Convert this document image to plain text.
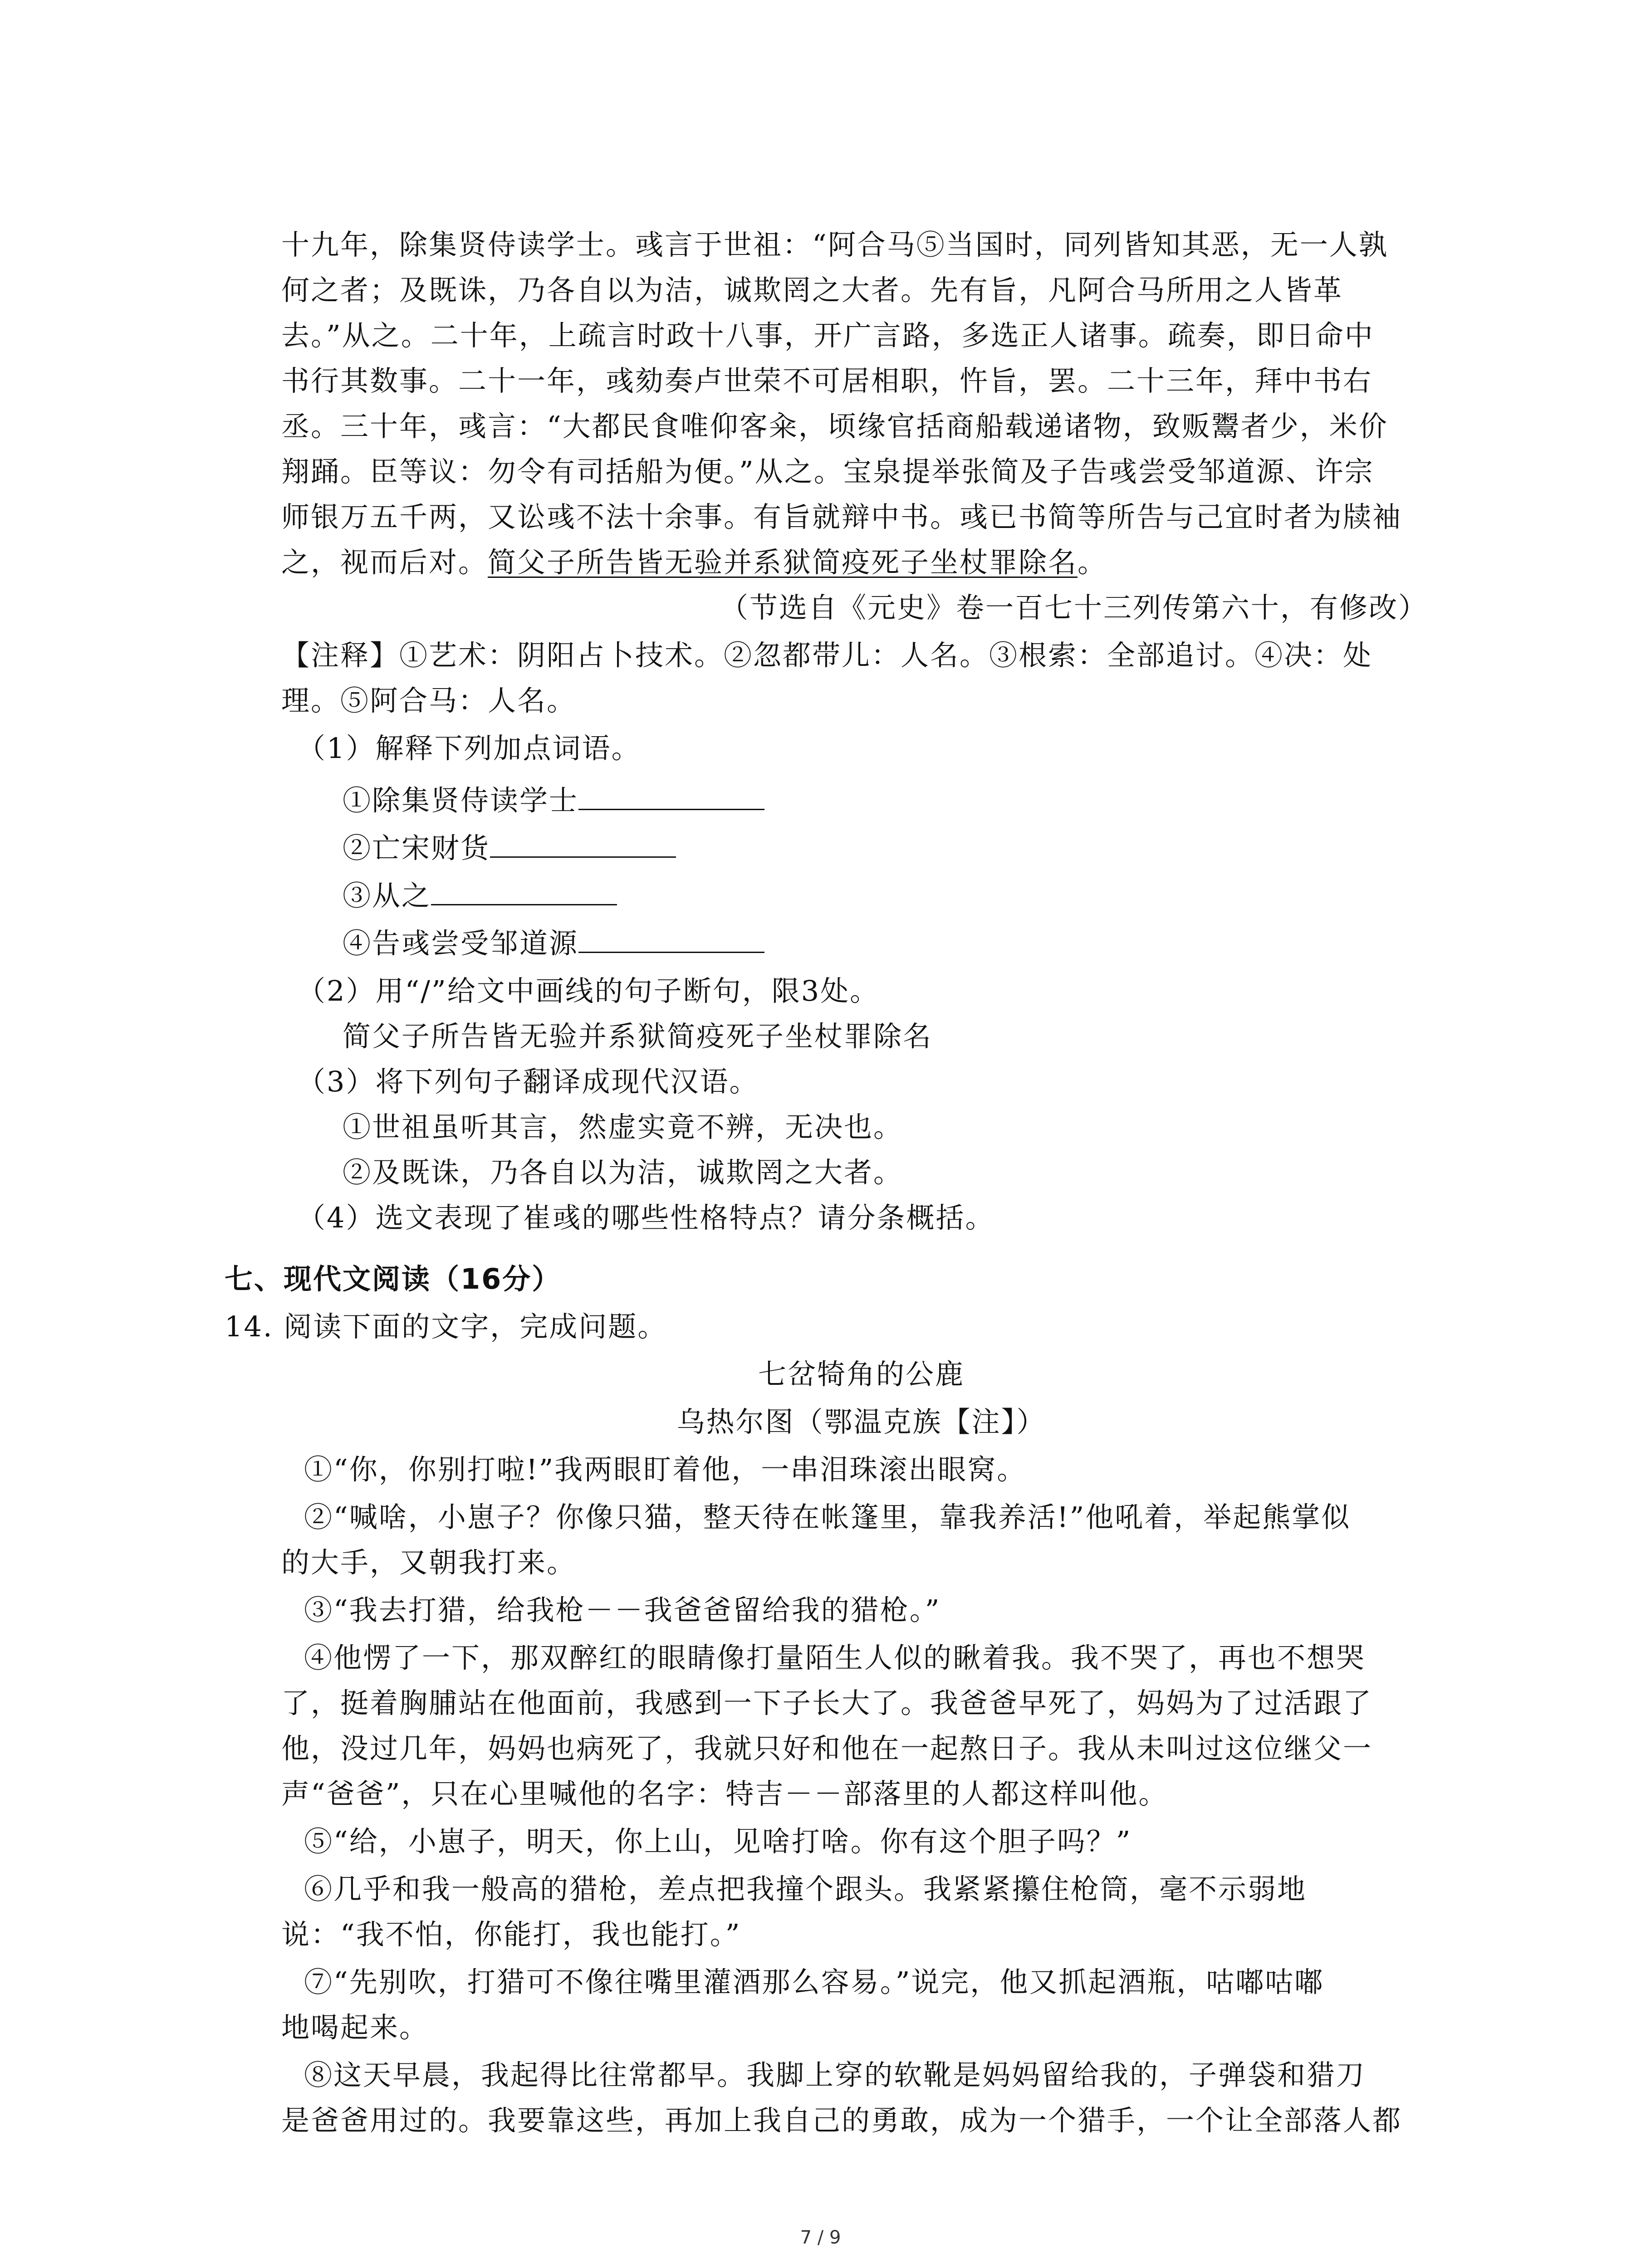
十九年，除集贤侍读学士。彧言于世祖：“阿合马⑤当国时，同列皆知其恶，无一人孰
何之者；及既诛，乃各自以为洁，诚欺罔之大者。先有旨，凡阿合马所用之人皆革
去。”从之。二十年，上疏言时政十八事，开广言路，多选正人诸事。疏奏，即日命中
书行其数事。二十一年，彧劾奏卢世荣不可居相职，忤旨，罢。二十三年，拜中书右
丞。三十年，彧言：“大都民食唯仰客籴，顷缘官括商船载递诸物，致贩鬻者少，米价
翔踊。臣等议：勿令有司括船为便。”从之。宝泉提举张简及子告彧尝受邹道源、许宗
师银万五千两，又讼彧不法十余事。有旨就辩中书。彧已书简等所告与己宜时者为牍袖
之，视而后对。简父子所告皆无验并系狱简疫死子坐杖罪除名。
（节选自《元史》卷一百七十三列传第六十，有修改）
【注释】①艺术：阴阳占卜技术。②忽都带儿：人名。③根索：全部追讨。④决：处
理。⑤阿合马：人名。
（1）解释下列加点词语。
①除集贤侍读学士
②亡宋财货
③从之
④告彧尝受邹道源
（2）用“/”给文中画线的句子断句，限3处。
简父子所告皆无验并系狱简疫死子坐杖罪除名
（3）将下列句子翻译成现代汉语。
①世祖虽听其言，然虚实竟不辨，无决也。
②及既诛，乃各自以为洁，诚欺罔之大者。
（4）选文表现了崔彧的哪些性格特点？请分条概括。
七、现代文阅读（16分）
14. 阅读下面的文字，完成问题。
七岔犄角的公鹿
乌热尔图（鄂温克族【注】）
①“你，你别打啦!”我两眼盯着他，一串泪珠滚出眼窝。
②“喊啥，小崽子？你像只猫，整天待在帐篷里，靠我养活!”他吼着，举起熊掌似
的大手，又朝我打来。
③“我去打猎，给我枪－－我爸爸留给我的猎枪。”
④他愣了一下，那双醉红的眼睛像打量陌生人似的瞅着我。我不哭了，再也不想哭
了，挺着胸脯站在他面前，我感到一下子长大了。我爸爸早死了，妈妈为了过活跟了
他，没过几年，妈妈也病死了，我就只好和他在一起熬日子。我从未叫过这位继父一
声“爸爸”，只在心里喊他的名字：特吉－－部落里的人都这样叫他。
⑤“给，小崽子，明天，你上山，见啥打啥。你有这个胆子吗？”
⑥几乎和我一般高的猎枪，差点把我撞个跟头。我紧紧攥住枪筒，毫不示弱地
说：“我不怕，你能打，我也能打。”
⑦“先别吹，打猎可不像往嘴里灌酒那么容易。”说完，他又抓起酒瓶，咕嘟咕嘟
地喝起来。
⑧这天早晨，我起得比往常都早。我脚上穿的软靴是妈妈留给我的，子弹袋和猎刀
是爸爸用过的。我要靠这些，再加上我自己的勇敢，成为一个猎手，一个让全部落人都
7 / 9
